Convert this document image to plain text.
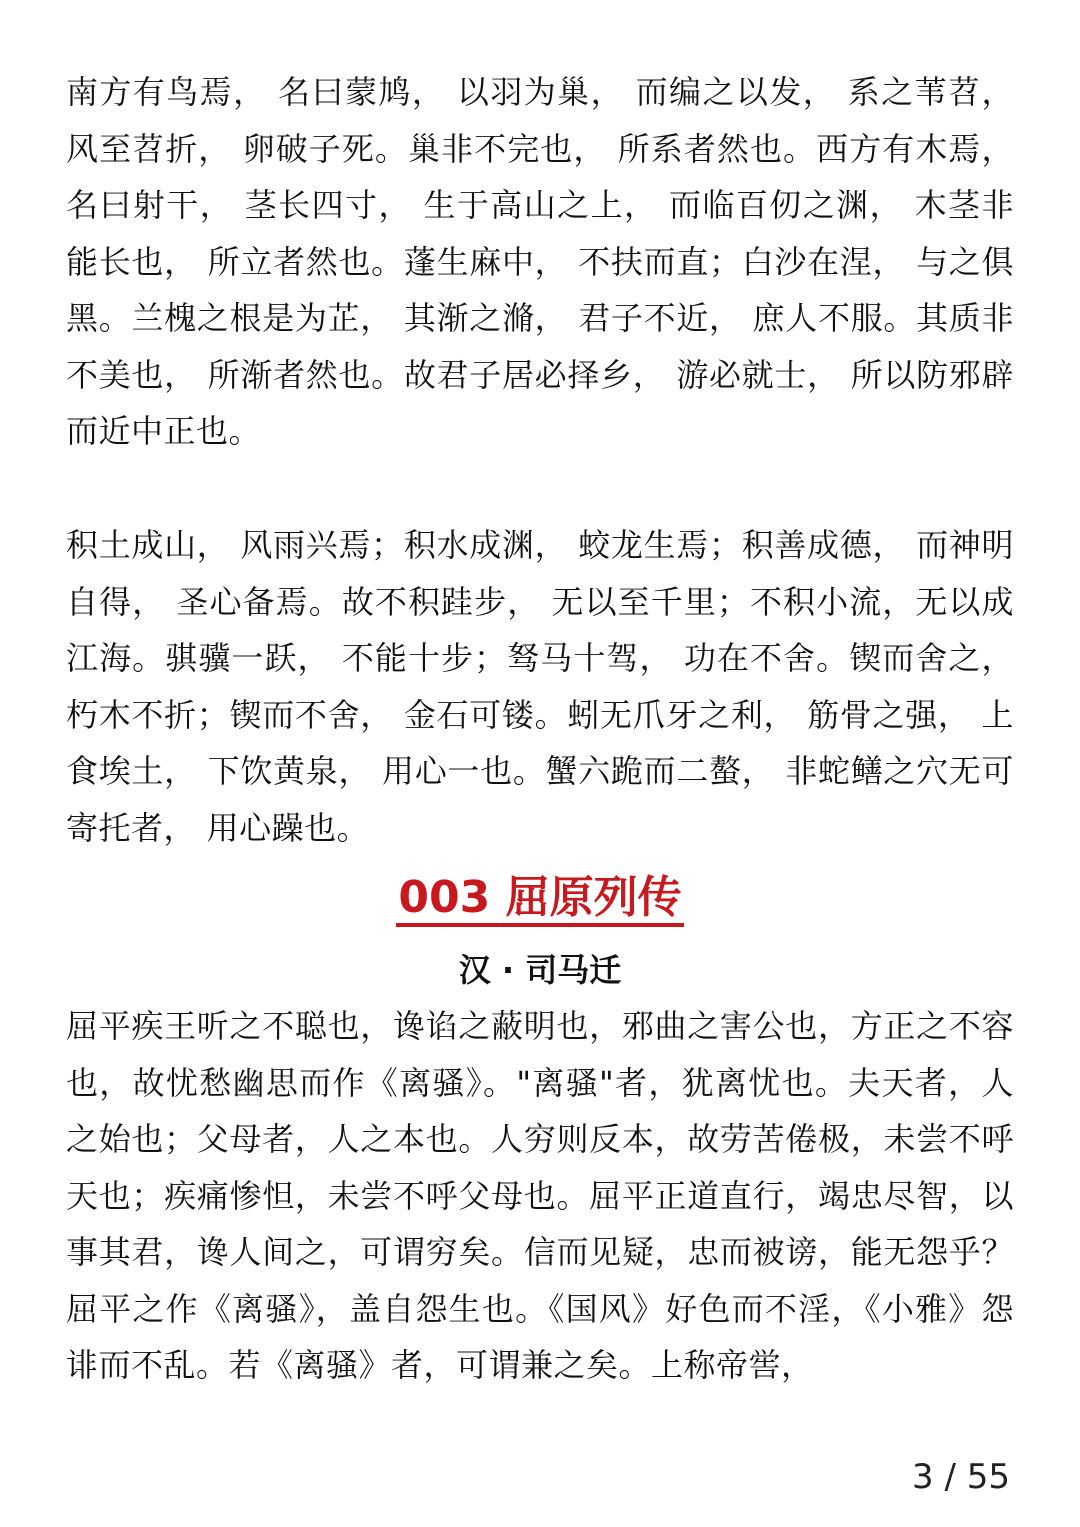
南方有鸟焉， 名曰蒙鸠， 以羽为巢， 而编之以发， 系之苇苕，风至苕折， 卵破子死。巢非不完也， 所系者然也。西方有木焉，名曰射干， 茎长四寸， 生于高山之上， 而临百仞之渊， 木茎非能长也， 所立者然也。蓬生麻中， 不扶而直；白沙在涅， 与之俱黑。兰槐之根是为芷， 其渐之滫， 君子不近， 庶人不服。其质非不美也， 所渐者然也。故君子居必择乡， 游必就士， 所以防邪辟而近中正也。

积土成山， 风雨兴焉；积水成渊， 蛟龙生焉；积善成德， 而神明自得， 圣心备焉。故不积跬步， 无以至千里；不积小流，无以成江海。骐骥一跃， 不能十步；驽马十驾， 功在不舍。锲而舍之， 朽木不折；锲而不舍， 金石可镂。蚓无爪牙之利， 筋骨之强， 上食埃土， 下饮黄泉， 用心一也。蟹六跪而二螯， 非蛇鳝之穴无可寄托者， 用心躁也。

003 屈原列传
汉 · 司马迁

屈平疾王听之不聪也，谗谄之蔽明也，邪曲之害公也，方正之不容也，故忧愁幽思而作《离骚》。"离骚"者，犹离忧也。夫天者，人之始也；父母者，人之本也。人穷则反本，故劳苦倦极，未尝不呼天也；疾痛惨怛，未尝不呼父母也。屈平正道直行，竭忠尽智，以事其君，谗人间之，可谓穷矣。信而见疑，忠而被谤，能无怨乎？屈平之作《离骚》，盖自怨生也。《国风》好色而不淫，《小雅》怨诽而不乱。若《离骚》者，可谓兼之矣。上称帝喾，

3 / 55
